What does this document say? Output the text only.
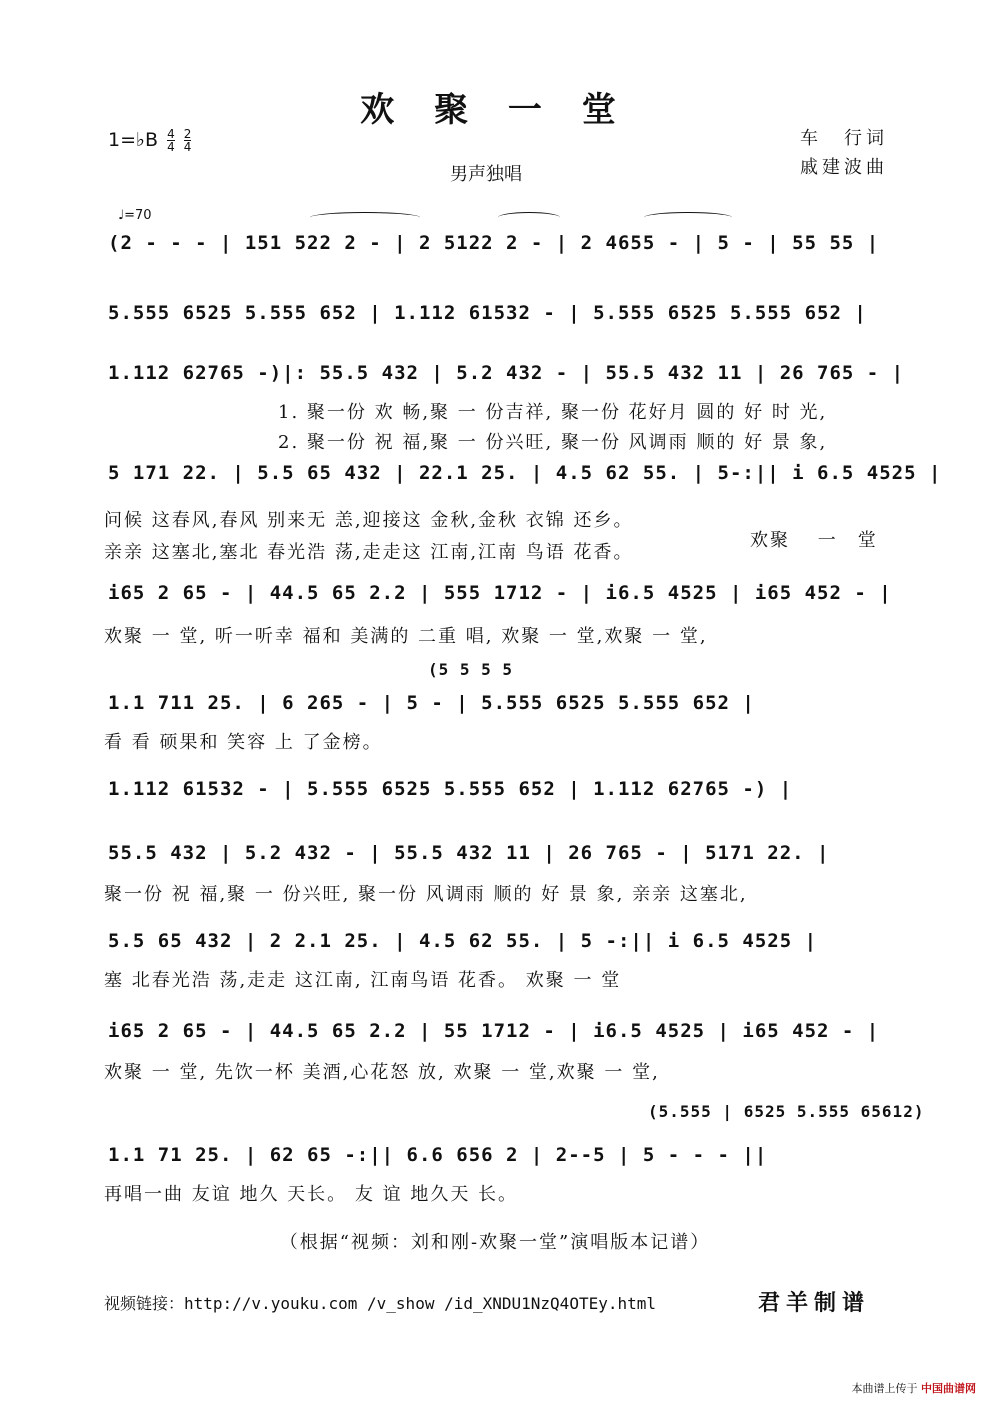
欢 聚 一 堂
1=♭B $\frac{4}{4}$
$\frac{2}{4}$	车　行词
戚建波曲
男声独唱
♩=70
(2 - - - | 151 522 2 - | 2 5122 2 - | 2 4655 - | 5 - | 55 55 |
5.555 6525 5.555 652 | 1.112 61532 - | 5.555 6525 5.555 652 |
1.112 62765 -)|: 55.5 432 | 5.2 432 - | 55.5 432 11 | 26 765 - |
1. 聚一份 欢 畅,聚 一 份吉祥, 聚一份 花好月 圆的 好 时 光,
2. 聚一份 祝 福,聚 一 份兴旺, 聚一份 风调雨 顺的 好 景 象,
5 171 22. | 5.5 65 432 | 22.1 25. | 4.5 62 55. | 5-:|| i 6.5 4525 |
问候 这春风,春风 别来无 恙,迎接这 金秋,金秋 衣锦 还乡。
亲亲 这塞北,塞北 春光浩 荡,走走这 江南,江南 鸟语 花香。
欢聚　 一　堂
i65 2 65 - | 44.5 65 2.2 | 555 1712 - | i6.5 4525 | i65 452 - |
欢聚 一 堂, 听一听幸 福和 美满的 二重 唱, 欢聚 一 堂,欢聚 一 堂,
(5 5 5 5
1.1 711 25. | 6 265 - | 5 - | 5.555 6525 5.555 652 |
看 看 硕果和 笑容 上 了金榜。
1.112 61532 - | 5.555 6525 5.555 652 | 1.112 62765 -) |
55.5 432 | 5.2 432 - | 55.5 432 11 | 26 765 - | 5171 22. |
聚一份 祝 福,聚 一 份兴旺, 聚一份 风调雨 顺的 好 景 象, 亲亲 这塞北,
5.5 65 432 | 2 2.1 25. | 4.5 62 55. | 5 -:|| i 6.5 4525 |
塞 北春光浩 荡,走走 这江南, 江南鸟语 花香。 欢聚 一 堂
i65 2 65 - | 44.5 65 2.2 | 55 1712 - | i6.5 4525 | i65 452 - |
欢聚 一 堂, 先饮一杯 美酒,心花怒 放, 欢聚 一 堂,欢聚 一 堂,
(5.555 | 6525 5.555 65612)
1.1 71 25. | 62 65 -:|| 6.6 656 2 | 2--5 | 5 - - - ||
再唱一曲 友谊 地久 天长。 友 谊 地久天 长。
（根据“视频：刘和刚-欢聚一堂”演唱版本记谱）
视频链接：http://v.youku.com /v_show /id_XNDU1NzQ4OTEy.html	君羊制谱
本曲谱上传于 中国曲谱网
